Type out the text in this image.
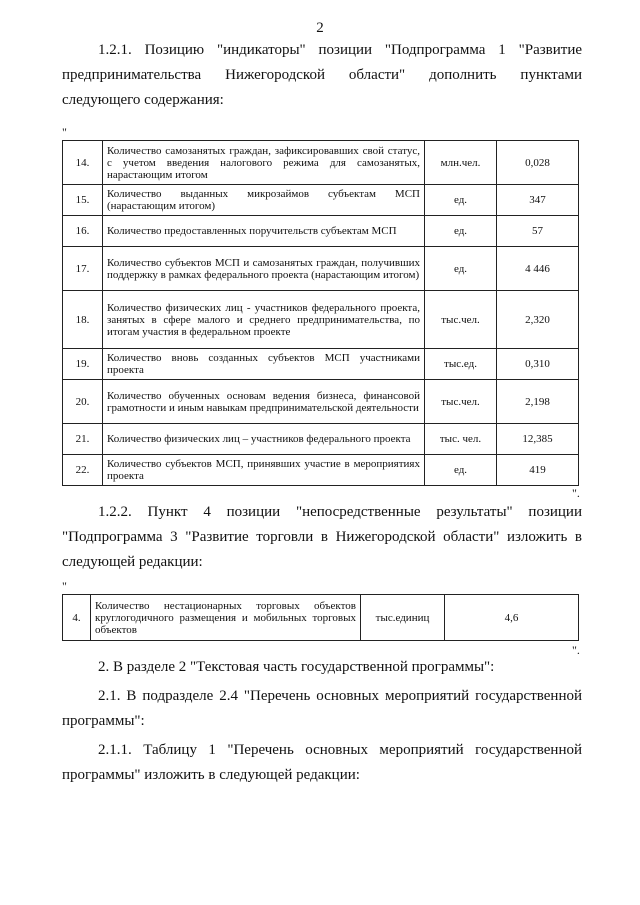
2

1.2.1. Позицию "индикаторы" позиции "Подпрограмма 1 "Развитие предпринимательства Нижегородской области" дополнить пунктами следующего содержания:

"
14.	Количество самозанятых граждан, зафиксировавших свой статус, с учетом введения налогового режима для самозанятых, нарастающим итогом	млн.чел.	0,028
15.	Количество выданных микрозаймов субъектам МСП (нарастающим итогом)	ед.	347
16.	Количество предоставленных поручительств субъектам МСП	ед.	57
17.	Количество субъектов МСП и самозанятых граждан, получивших поддержку в рамках федерального проекта (нарастающим итогом)	ед.	4 446
18.	Количество физических лиц - участников федерального проекта, занятых в сфере малого и среднего предпринимательства, по итогам участия в федеральном проекте	тыс.чел.	2,320
19.	Количество вновь созданных субъектов МСП участниками проекта	тыс.ед.	0,310
20.	Количество обученных основам ведения бизнеса, финансовой грамотности и иным навыкам предпринимательской деятельности	тыс.чел.	2,198
21.	Количество физических лиц – участников федерального проекта	тыс. чел.	12,385
22.	Количество субъектов МСП, принявших участие в мероприятиях проекта	ед.	419
".

1.2.2. Пункт 4 позиции "непосредственные результаты" позиции "Подпрограмма 3 "Развитие торговли в Нижегородской области" изложить в следующей редакции:

"
4.	Количество нестационарных торговых объектов круглогодичного размещения и мобильных торговых объектов	тыс.единиц	4,6
".

2. В разделе 2 "Текстовая часть государственной программы":

2.1. В подразделе 2.4 "Перечень основных мероприятий государственной программы":

2.1.1. Таблицу 1 "Перечень основных мероприятий государственной программы" изложить в следующей редакции:
